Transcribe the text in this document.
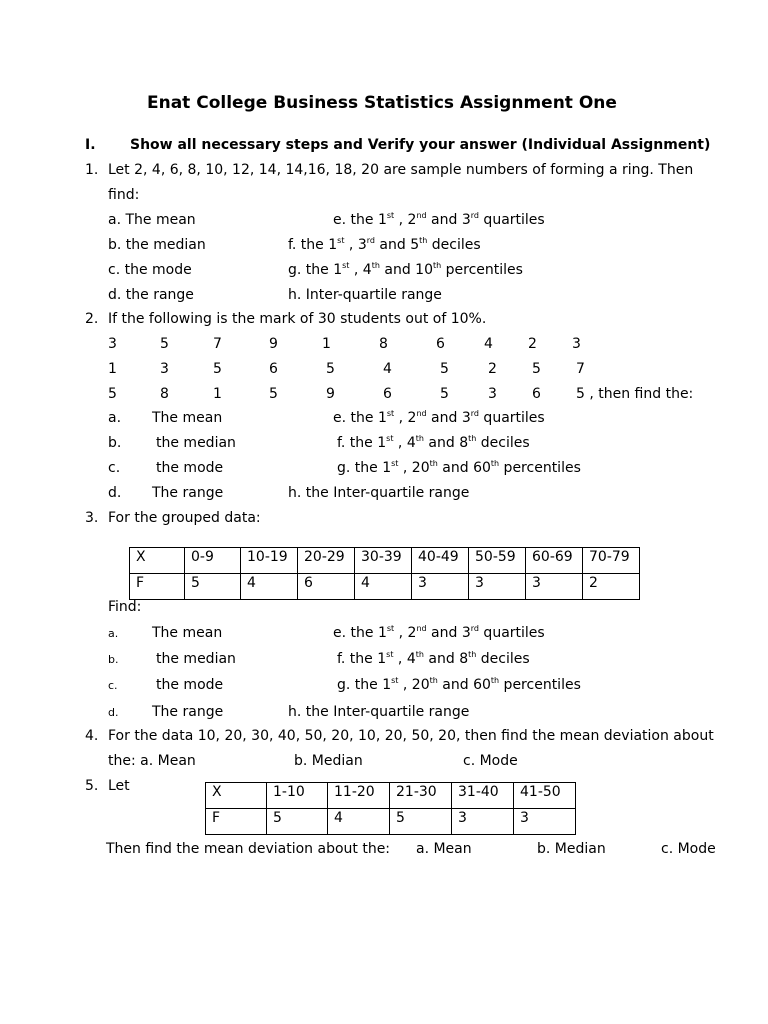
Enat College Business Statistics Assignment One
I. Show all necessary steps and Verify your answer (Individual Assignment)
1. Let 2, 4, 6, 8, 10, 12, 14, 14,16, 18, 20 are sample numbers of forming a ring. Then
find:
a. The mean
b. the median
c. the mode
d. the range
e. the 1st , 2nd and 3rd quartiles
f. the 1st , 3rd and 5th deciles
g. the 1st , 4th and 10th percentiles
h. Inter-quartile range
2. If the following is the mark of 30 students out of 10%.
3	5	7	9	1	8	6	4	2	3
1	3	5	6	5	4	5	2	5	7
5	8	1	5	9	6	5	3	6	5 , then find the:
a. The mean
b. the median
c.	the mode
d. The range
e. the 1st , 2nd and 3rd quartiles
f. the 1st , 4th and 8th deciles
g. the 1st , 20th and 60th percentiles
h. the Inter-quartile range
3. For the grouped data:
X	0-9	10-19	20-29	30-39	40-49	50-59	60-69	70-79
F	5	4	6	4	3	3	3	2
Find:
a. The mean
b.	the median
c.	the mode
d. The range
e. the 1st , 2nd and 3rd quartiles
f. the 1st , 4th and 8th deciles
g. the 1st , 20th and 60th percentiles
h. the Inter-quartile range
4. For the data 10, 20, 30, 40, 50, 20, 10, 20, 50, 20, then find the mean deviation about
the: a. Mean	b. Median	c. Mode
5. Let	X	1-10	11-20	21-30	31-40	41-50
F	5	4	5	3	3
Then find the mean deviation about the: a. Mean	b. Median	c. Mode
